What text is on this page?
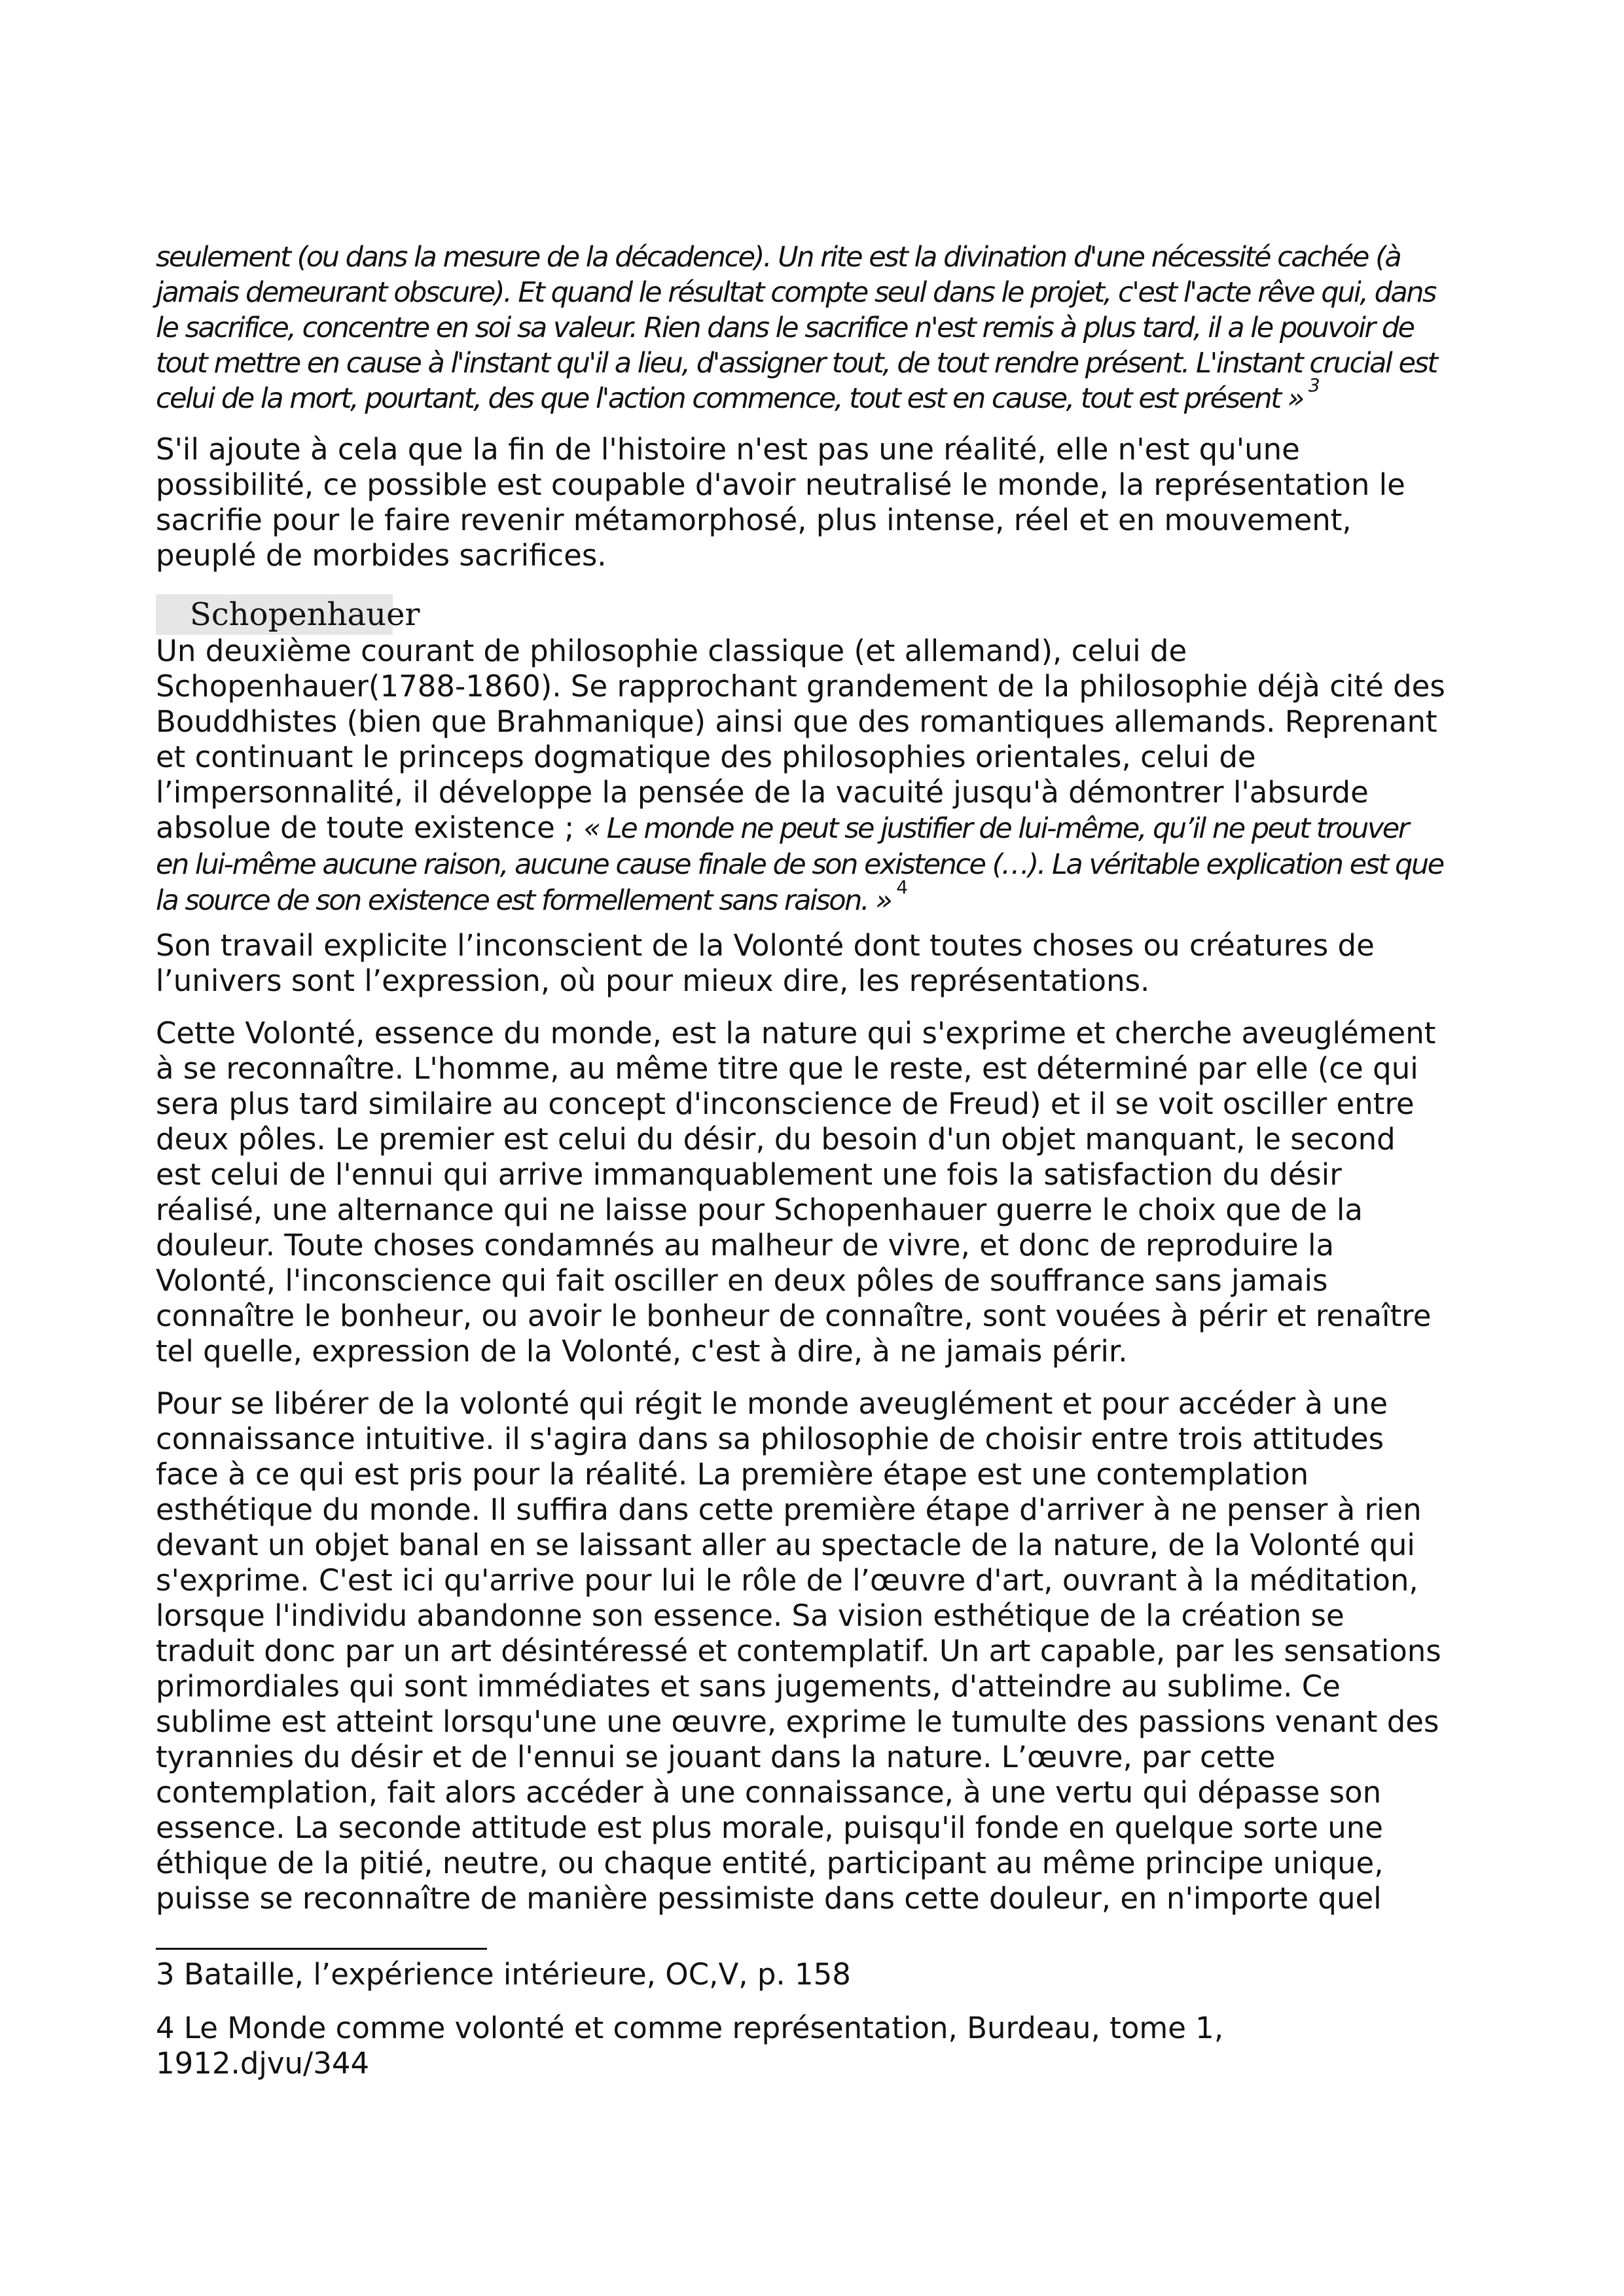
seulement (ou dans la mesure de la décadence). Un rite est la divination d'une nécessité cachée (à
jamais demeurant obscure). Et quand le résultat compte seul dans le projet, c'est l'acte rêve qui, dans
le sacrifice, concentre en soi sa valeur. Rien dans le sacrifice n'est remis à plus tard, il a le pouvoir de
tout mettre en cause à l'instant qu'il a lieu, d'assigner tout, de tout rendre présent. L'instant crucial est
celui de la mort, pourtant, des que l'action commence, tout est en cause, tout est présent » $^3$

S'il ajoute à cela que la fin de l'histoire n'est pas une réalité, elle n'est qu'une
possibilité, ce possible est coupable d'avoir neutralisé le monde, la représentation le
sacrifie pour le faire revenir métamorphosé, plus intense, réel et en mouvement,
peuplé de morbides sacrifices.

Schopenhauer

Un deuxième courant de philosophie classique (et allemand), celui de
Schopenhauer(1788-1860). Se rapprochant grandement de la philosophie déjà cité des
Bouddhistes (bien que Brahmanique) ainsi que des romantiques allemands. Reprenant
et continuant le princeps dogmatique des philosophies orientales, celui de
l’impersonnalité, il développe la pensée de la vacuité jusqu'à démontrer l'absurde
absolue de toute existence ; « Le monde ne peut se justifier de lui-même, qu’il ne peut trouver
en lui-même aucune raison, aucune cause finale de son existence (…). La véritable explication est que
la source de son existence est formellement sans raison. » $^4$

Son travail explicite l’inconscient de la Volonté dont toutes choses ou créatures de
l’univers sont l’expression, où pour mieux dire, les représentations.

Cette Volonté, essence du monde, est la nature qui s'exprime et cherche aveuglément
à se reconnaître. L'homme, au même titre que le reste, est déterminé par elle (ce qui
sera plus tard similaire au concept d'inconscience de Freud) et il se voit osciller entre
deux pôles. Le premier est celui du désir, du besoin d'un objet manquant, le second
est celui de l'ennui qui arrive immanquablement une fois la satisfaction du désir
réalisé, une alternance qui ne laisse pour Schopenhauer guerre le choix que de la
douleur. Toute choses condamnés au malheur de vivre, et donc de reproduire la
Volonté, l'inconscience qui fait osciller en deux pôles de souffrance sans jamais
connaître le bonheur, ou avoir le bonheur de connaître, sont vouées à périr et renaître
tel quelle, expression de la Volonté, c'est à dire, à ne jamais périr.

Pour se libérer de la volonté qui régit le monde aveuglément et pour accéder à une
connaissance intuitive. il s'agira dans sa philosophie de choisir entre trois attitudes
face à ce qui est pris pour la réalité. La première étape est une contemplation
esthétique du monde. Il suffira dans cette première étape d'arriver à ne penser à rien
devant un objet banal en se laissant aller au spectacle de la nature, de la Volonté qui
s'exprime. C'est ici qu'arrive pour lui le rôle de l’œuvre d'art, ouvrant à la méditation,
lorsque l'individu abandonne son essence. Sa vision esthétique de la création se
traduit donc par un art désintéressé et contemplatif. Un art capable, par les sensations
primordiales qui sont immédiates et sans jugements, d'atteindre au sublime. Ce
sublime est atteint lorsqu'une une œuvre, exprime le tumulte des passions venant des
tyrannies du désir et de l'ennui se jouant dans la nature. L’œuvre, par cette
contemplation, fait alors accéder à une connaissance, à une vertu qui dépasse son
essence. La seconde attitude est plus morale, puisqu'il fonde en quelque sorte une
éthique de la pitié, neutre, ou chaque entité, participant au même principe unique,
puisse se reconnaître de manière pessimiste dans cette douleur, en n'importe quel

3 Bataille, l’expérience intérieure, OC,V, p. 158

4 Le Monde comme volonté et comme représentation, Burdeau, tome 1,
1912.djvu/344
